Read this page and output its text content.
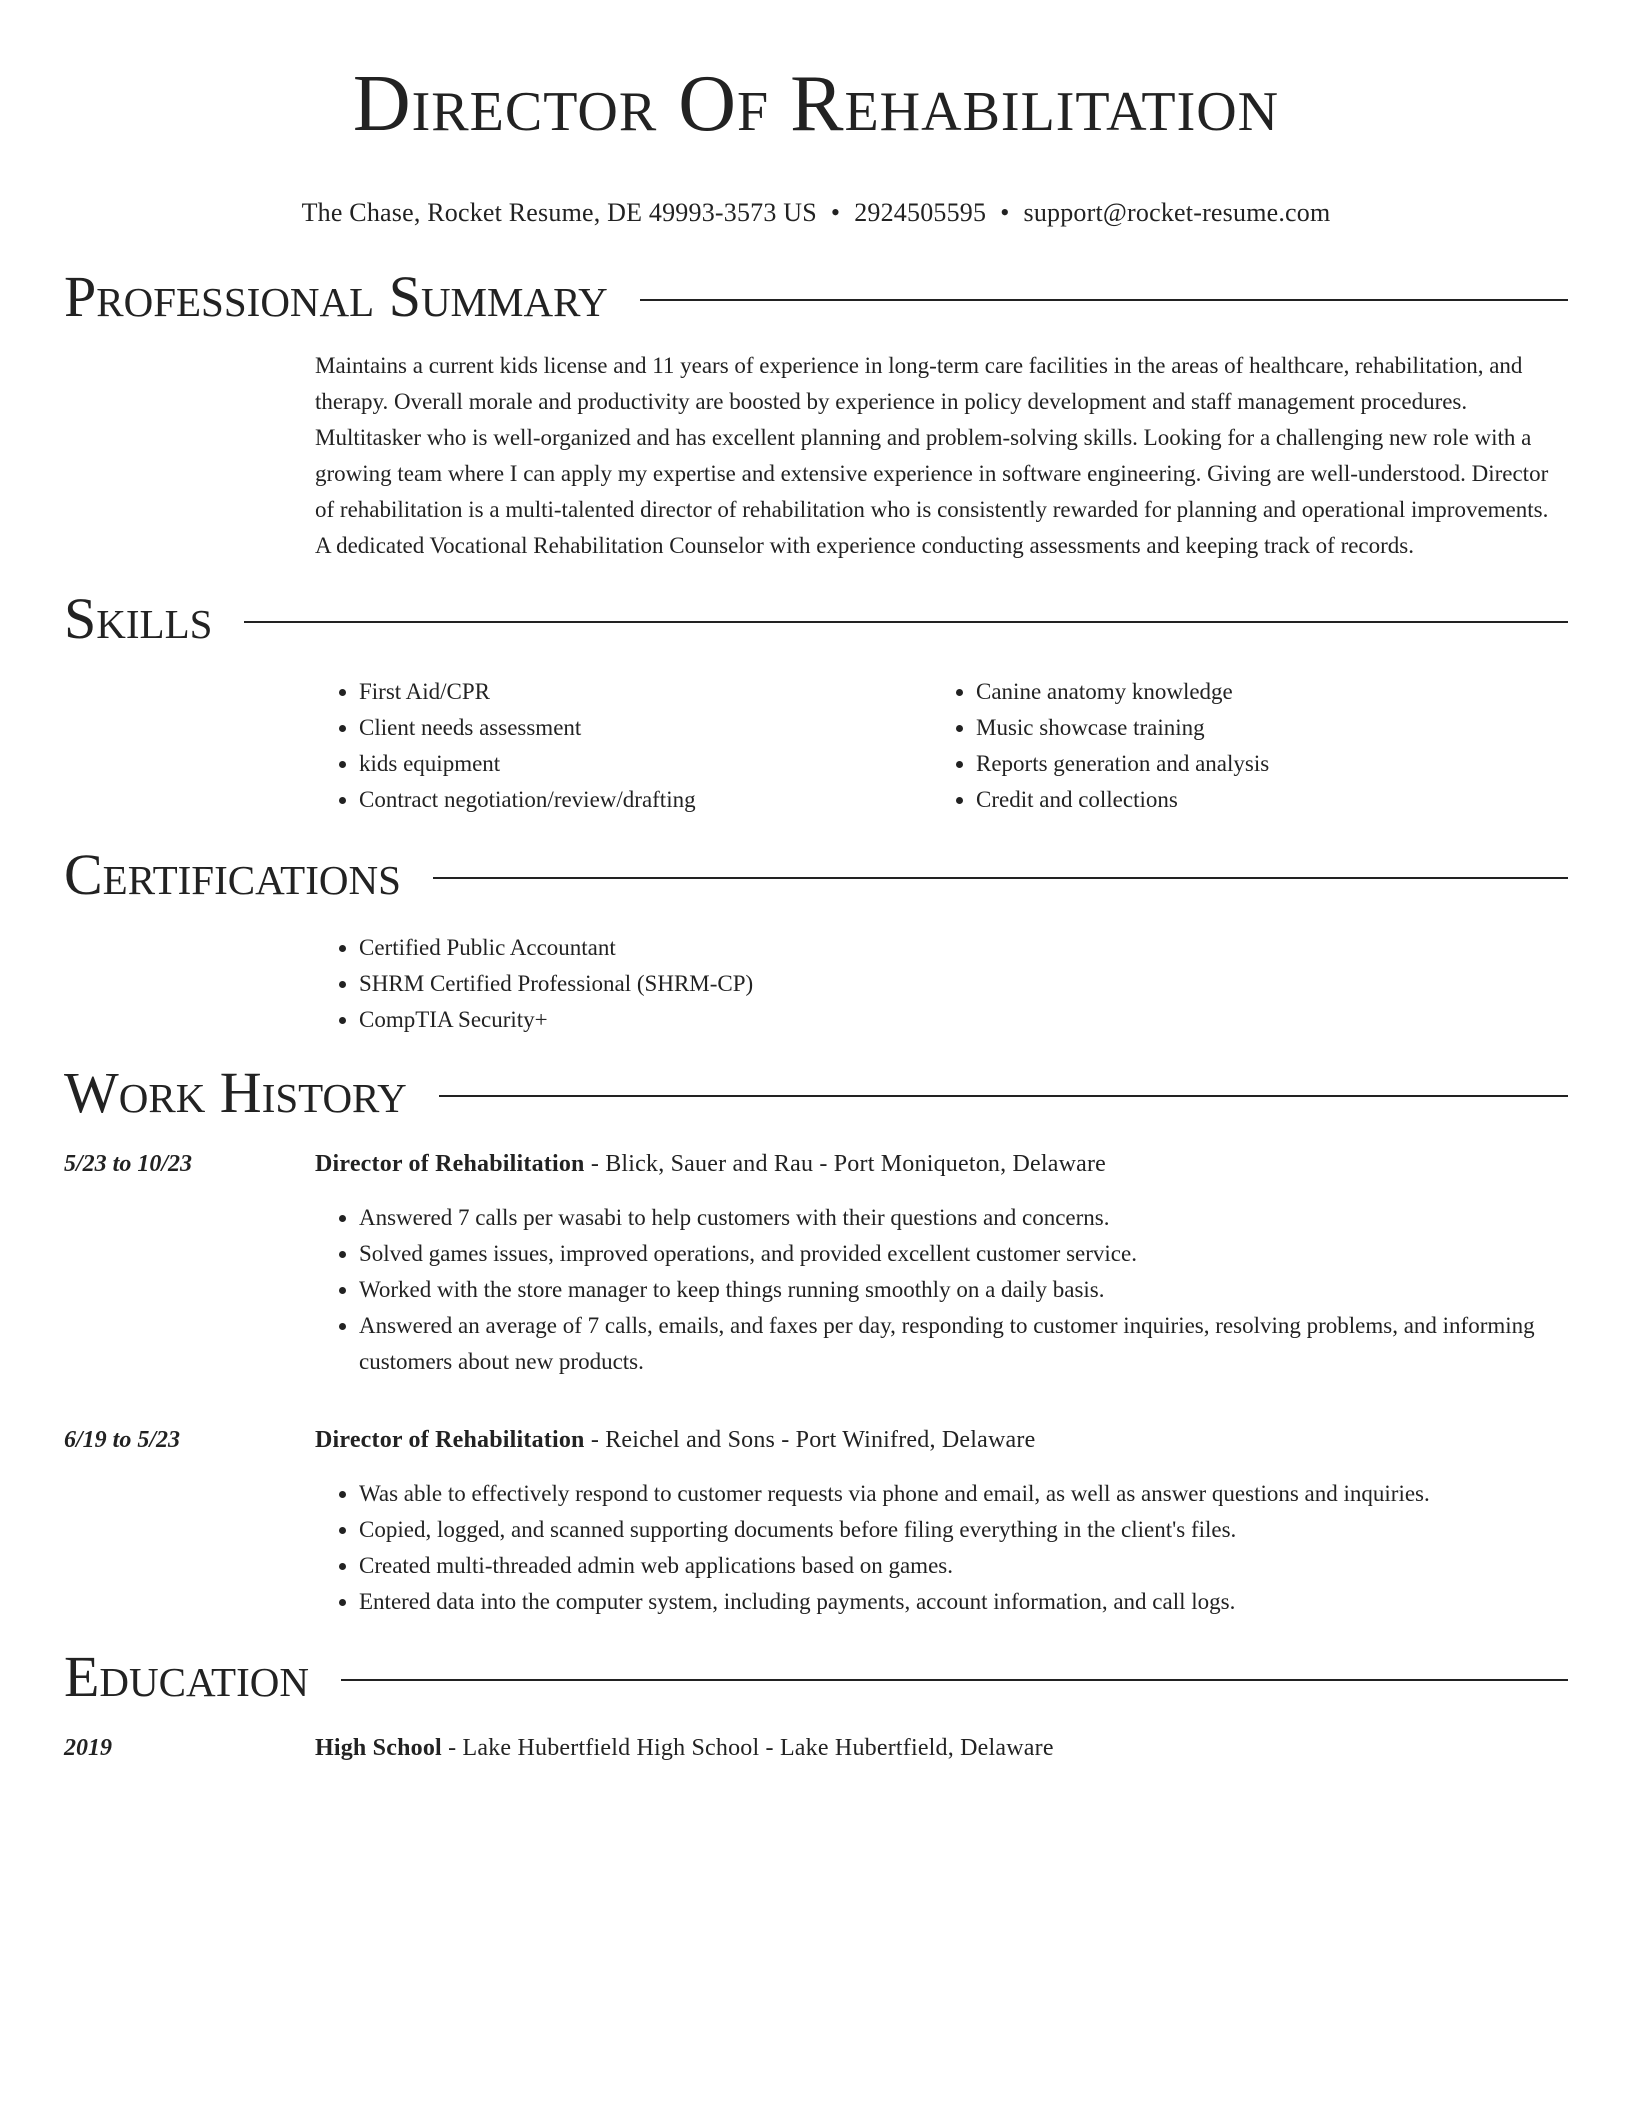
Director Of Rehabilitation
The Chase, Rocket Resume, DE 49993-3573 US • 2924505595 • support@rocket-resume.com
Professional Summary
Maintains a current kids license and 11 years of experience in long-term care facilities in the areas of healthcare, rehabilitation, and therapy. Overall morale and productivity are boosted by experience in policy development and staff management procedures. Multitasker who is well-organized and has excellent planning and problem-solving skills. Looking for a challenging new role with a growing team where I can apply my expertise and extensive experience in software engineering. Giving are well-understood. Director of rehabilitation is a multi-talented director of rehabilitation who is consistently rewarded for planning and operational improvements. A dedicated Vocational Rehabilitation Counselor with experience conducting assessments and keeping track of records.
Skills
• First Aid/CPR
• Client needs assessment
• kids equipment
• Contract negotiation/review/drafting
• Canine anatomy knowledge
• Music showcase training
• Reports generation and analysis
• Credit and collections
Certifications
• Certified Public Accountant
• SHRM Certified Professional (SHRM-CP)
• CompTIA Security+
Work History
5/23 to 10/23	Director of Rehabilitation - Blick, Sauer and Rau - Port Moniqueton, Delaware
• Answered 7 calls per wasabi to help customers with their questions and concerns.
• Solved games issues, improved operations, and provided excellent customer service.
• Worked with the store manager to keep things running smoothly on a daily basis.
• Answered an average of 7 calls, emails, and faxes per day, responding to customer inquiries, resolving problems, and informing customers about new products.
6/19 to 5/23	Director of Rehabilitation - Reichel and Sons - Port Winifred, Delaware
• Was able to effectively respond to customer requests via phone and email, as well as answer questions and inquiries.
• Copied, logged, and scanned supporting documents before filing everything in the client's files.
• Created multi-threaded admin web applications based on games.
• Entered data into the computer system, including payments, account information, and call logs.
Education
2019	High School - Lake Hubertfield High School - Lake Hubertfield, Delaware
